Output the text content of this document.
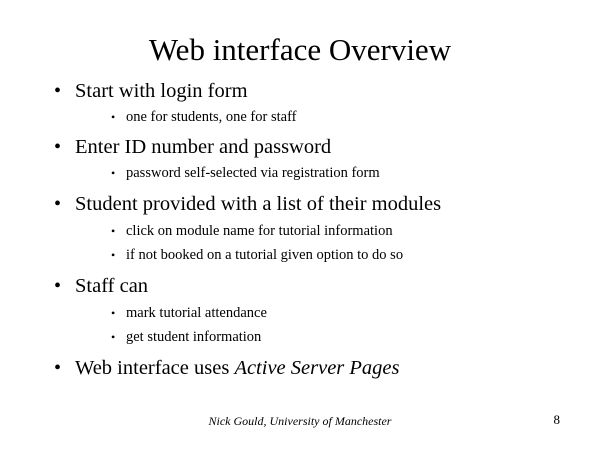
Web interface Overview
• Start with login form
• one for students, one for staff
• Enter ID number and password
• password self-selected via registration form
• Student provided with a list of their modules
• click on module name for tutorial information
• if not booked on a tutorial given option to do so
• Staff can
• mark tutorial attendance
• get student information
• Web interface uses Active Server Pages
Nick Gould, University of Manchester	8
